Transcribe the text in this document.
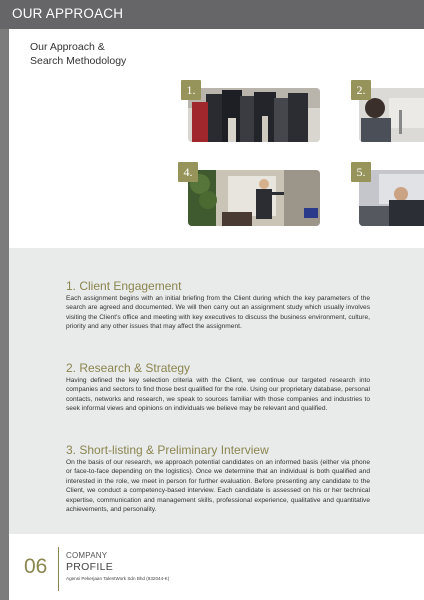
OUR APPROACH
Our Approach &
Search Methodology
1.	2.
4.	5.
1. Client Engagement

Each assignment begins with an initial briefing from the Client during which the key parameters of the search are agreed and documented. We will then carry out an assignment study which usually involves visiting the Client's office and meeting with key executives to discuss the business environment, culture, priority and any other issues that may affect the assignment.

2. Research & Strategy

Having defined the key selection criteria with the Client, we continue our targeted research into companies and sectors to find those best qualified for the role. Using our proprietary database, personal contacts, networks and research, we speak to sources familiar with those companies and industries to seek informal views and opinions on individuals we believe may be relevant and qualified.

3. Short-listing & Preliminary Interview

On the basis of our research, we approach potential candidates on an informed basis (either via phone or face-to-face depending on the logistics). Once we determine that an individual is both qualified and interested in the role, we meet in person for further evaluation. Before presenting any candidate to the Client, we conduct a competency-based interview. Each candidate is assessed on his or her technical expertise, communication and management skills, professional experience, qualitative and quantitative achievements, and personality.

06 COMPANY
PROFILE
Agensi Pekerjaan TalentWork Sdn Bhd (932044-K)
